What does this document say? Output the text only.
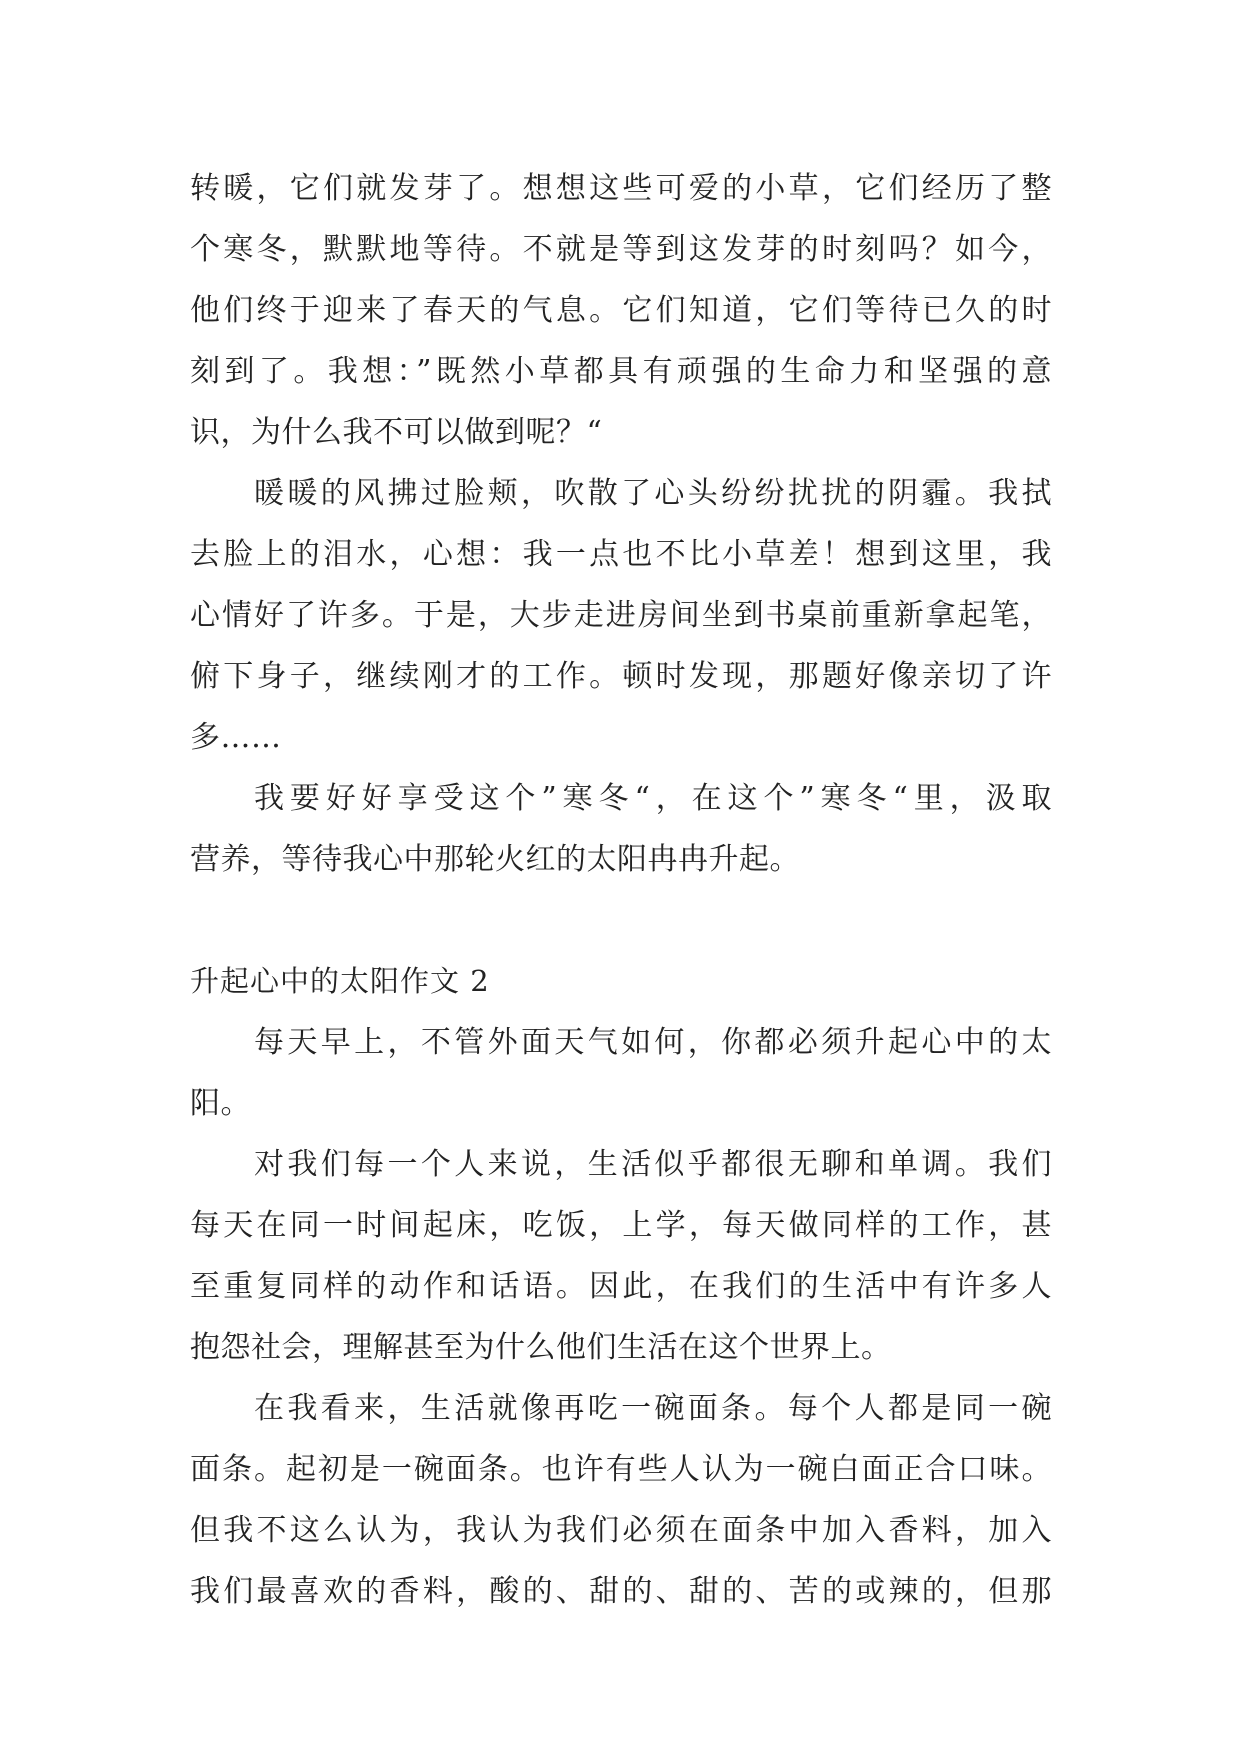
转暖，它们就发芽了。想想这些可爱的小草，它们经历了整
个寒冬，默默地等待。不就是等到这发芽的时刻吗？如今，
他们终于迎来了春天的气息。它们知道，它们等待已久的时
刻到了。我想：”既然小草都具有顽强的生命力和坚强的意
识，为什么我不可以做到呢？“
暖暖的风拂过脸颊，吹散了心头纷纷扰扰的阴霾。我拭
去脸上的泪水，心想：我一点也不比小草差！想到这里，我
心情好了许多。于是，大步走进房间坐到书桌前重新拿起笔，
俯下身子，继续刚才的工作。顿时发现，那题好像亲切了许
多……
我要好好享受这个”寒冬“，在这个”寒冬“里，汲取
营养，等待我心中那轮火红的太阳冉冉升起。
升起心中的太阳作文 2
每天早上，不管外面天气如何，你都必须升起心中的太
阳。
对我们每一个人来说，生活似乎都很无聊和单调。我们
每天在同一时间起床，吃饭，上学，每天做同样的工作，甚
至重复同样的动作和话语。因此，在我们的生活中有许多人
抱怨社会，理解甚至为什么他们生活在这个世界上。
在我看来，生活就像再吃一碗面条。每个人都是同一碗
面条。起初是一碗面条。也许有些人认为一碗白面正合口味。
但我不这么认为，我认为我们必须在面条中加入香料，加入
我们最喜欢的香料，酸的、甜的、甜的、苦的或辣的，但那
